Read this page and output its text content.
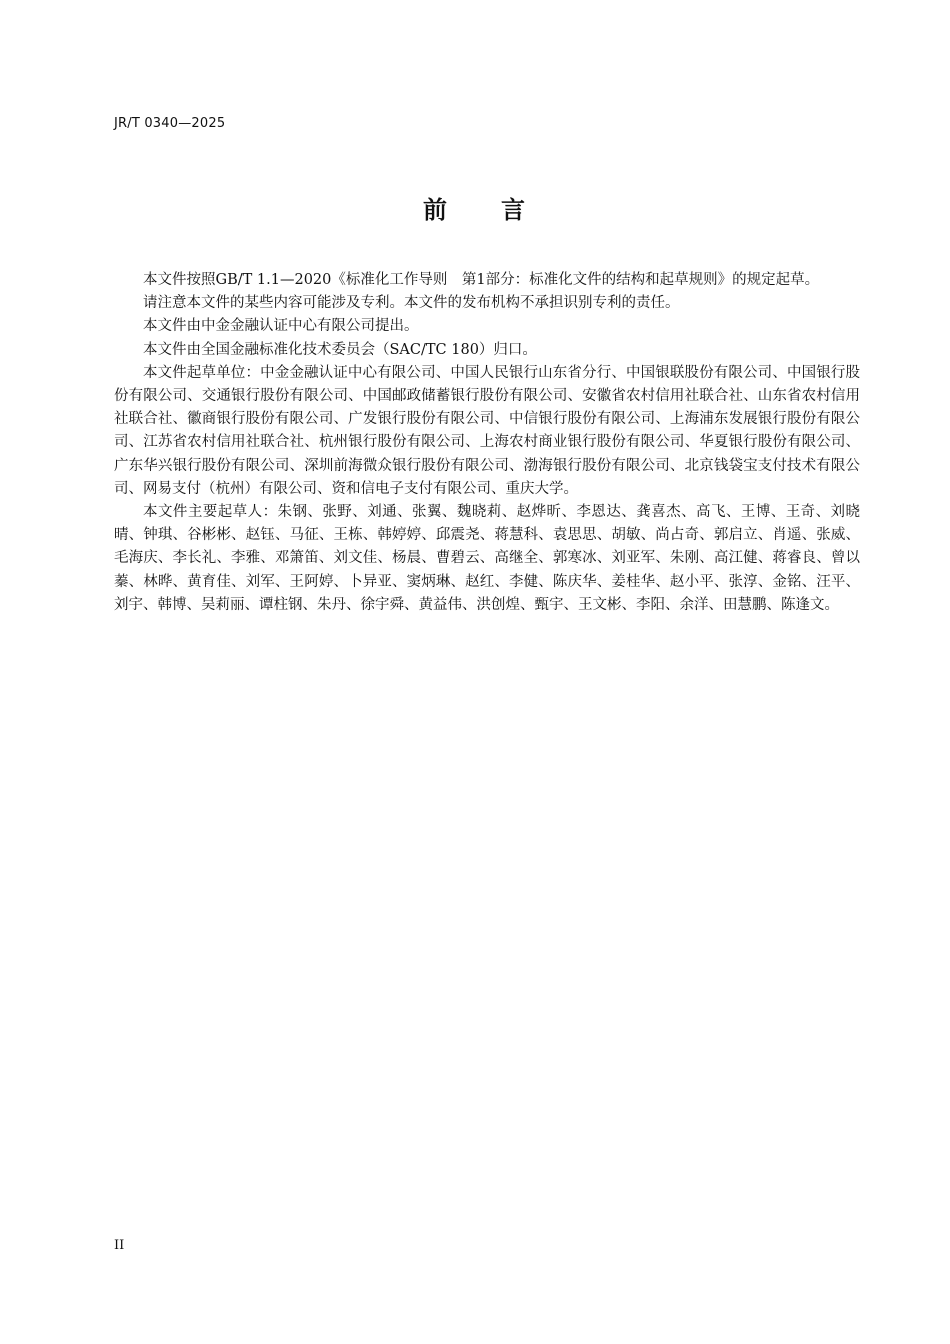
JR/T 0340—2025
前　　言

本文件按照GB/T 1.1—2020《标准化工作导则　第1部分：标准化文件的结构和起草规则》的规定起草。

请注意本文件的某些内容可能涉及专利。本文件的发布机构不承担识别专利的责任。

本文件由中金金融认证中心有限公司提出。

本文件由全国金融标准化技术委员会（SAC/TC 180）归口。

本文件起草单位：中金金融认证中心有限公司、中国人民银行山东省分行、中国银联股份有限公司、中国银行股份有限公司、交通银行股份有限公司、中国邮政储蓄银行股份有限公司、安徽省农村信用社联合社、山东省农村信用社联合社、徽商银行股份有限公司、广发银行股份有限公司、中信银行股份有限公司、上海浦东发展银行股份有限公司、江苏省农村信用社联合社、杭州银行股份有限公司、上海农村商业银行股份有限公司、华夏银行股份有限公司、广东华兴银行股份有限公司、深圳前海微众银行股份有限公司、渤海银行股份有限公司、北京钱袋宝支付技术有限公司、网易支付（杭州）有限公司、资和信电子支付有限公司、重庆大学。

本文件主要起草人：朱钢、张野、刘通、张翼、魏晓莉、赵烨昕、李恩达、龚喜杰、高飞、王博、王奇、刘晓晴、钟琪、谷彬彬、赵钰、马征、王栋、韩婷婷、邱震尧、蒋慧科、袁思思、胡敏、尚占奇、郭启立、肖遥、张威、毛海庆、李长礼、李雅、邓箫笛、刘文佳、杨晨、曹碧云、高继全、郭寒冰、刘亚军、朱刚、高江健、蒋睿良、曾以蓁、林晔、黄育佳、刘军、王阿婷、卜异亚、窦炳琳、赵红、李健、陈庆华、姜桂华、赵小平、张淳、金铭、汪平、刘宇、韩博、吴莉丽、谭柱钢、朱丹、徐宇舜、黄益伟、洪创煌、甄宇、王文彬、李阳、余洋、田慧鹏、陈逢文。

II
